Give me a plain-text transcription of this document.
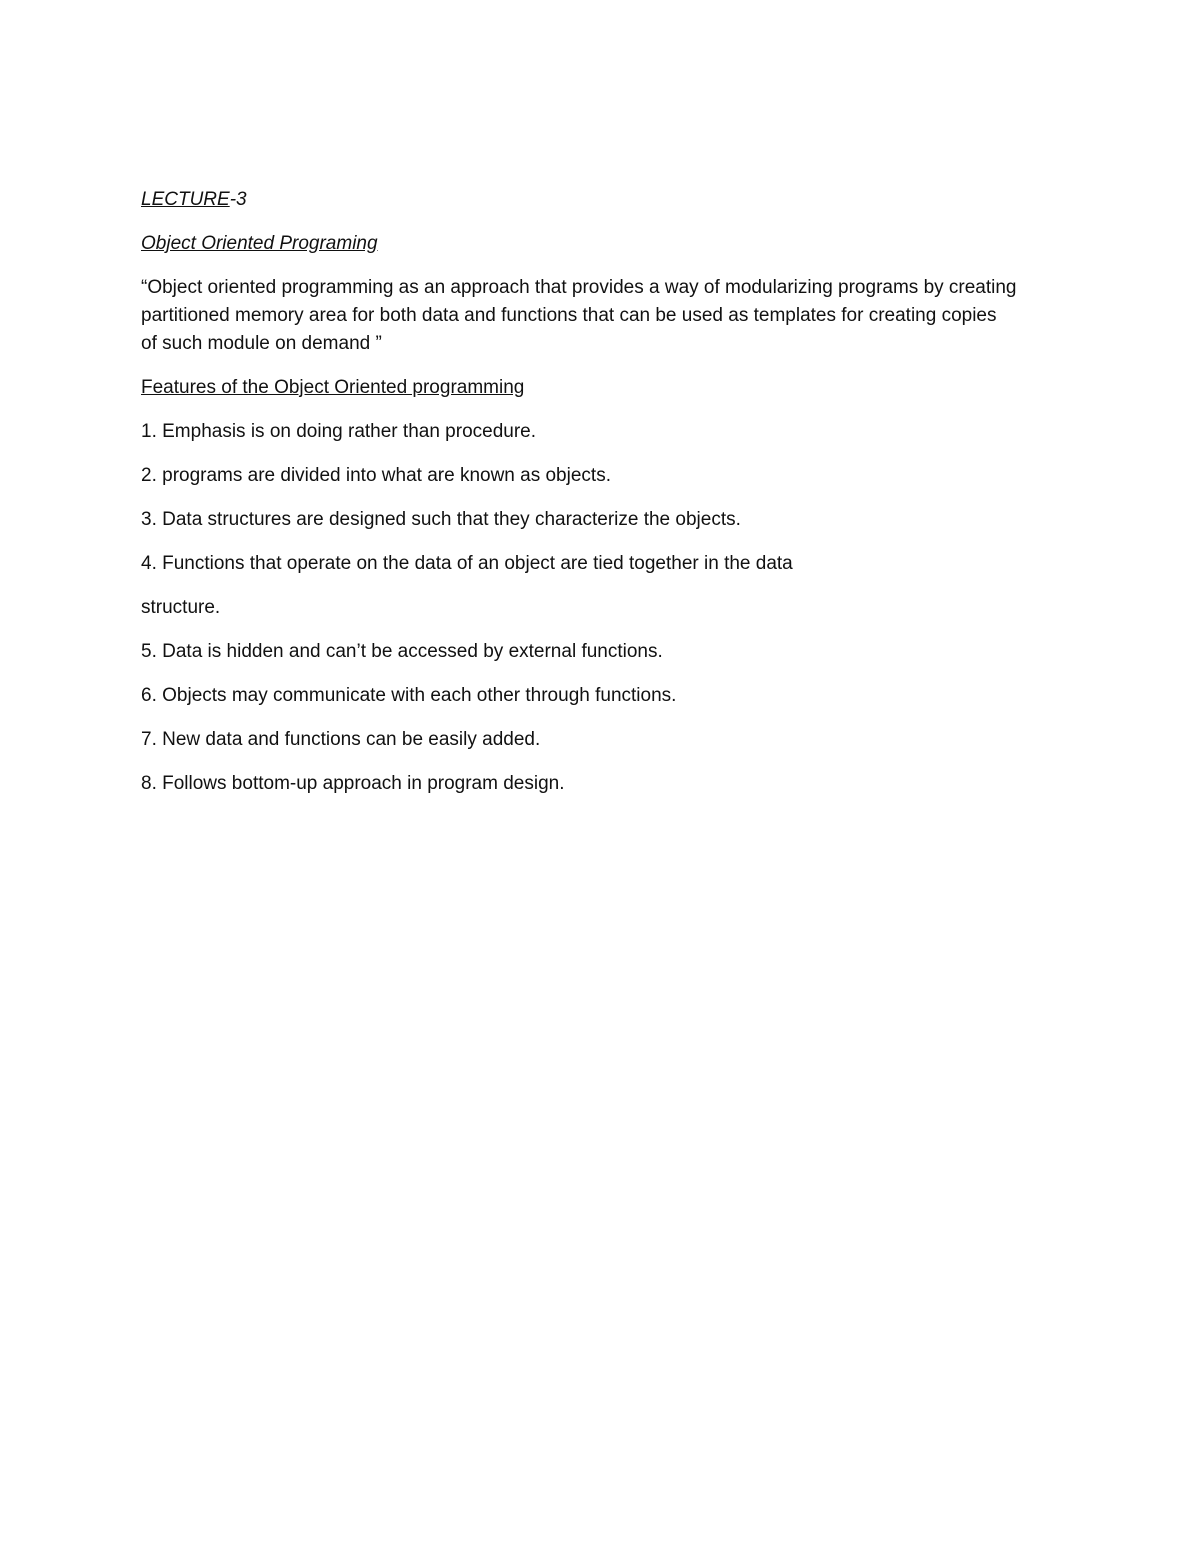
LECTURE-3

Object Oriented Programing

“Object oriented programming as an approach that provides a way of modularizing programs by creating
partitioned memory area for both data and functions that can be used as templates for creating copies
of such module on demand ”

Features of the Object Oriented programming

1. Emphasis is on doing rather than procedure.

2. programs are divided into what are known as objects.

3. Data structures are designed such that they characterize the objects.

4. Functions that operate on the data of an object are tied together in the data

structure.

5. Data is hidden and can’t be accessed by external functions.

6. Objects may communicate with each other through functions.

7. New data and functions can be easily added.

8. Follows bottom-up approach in program design.
